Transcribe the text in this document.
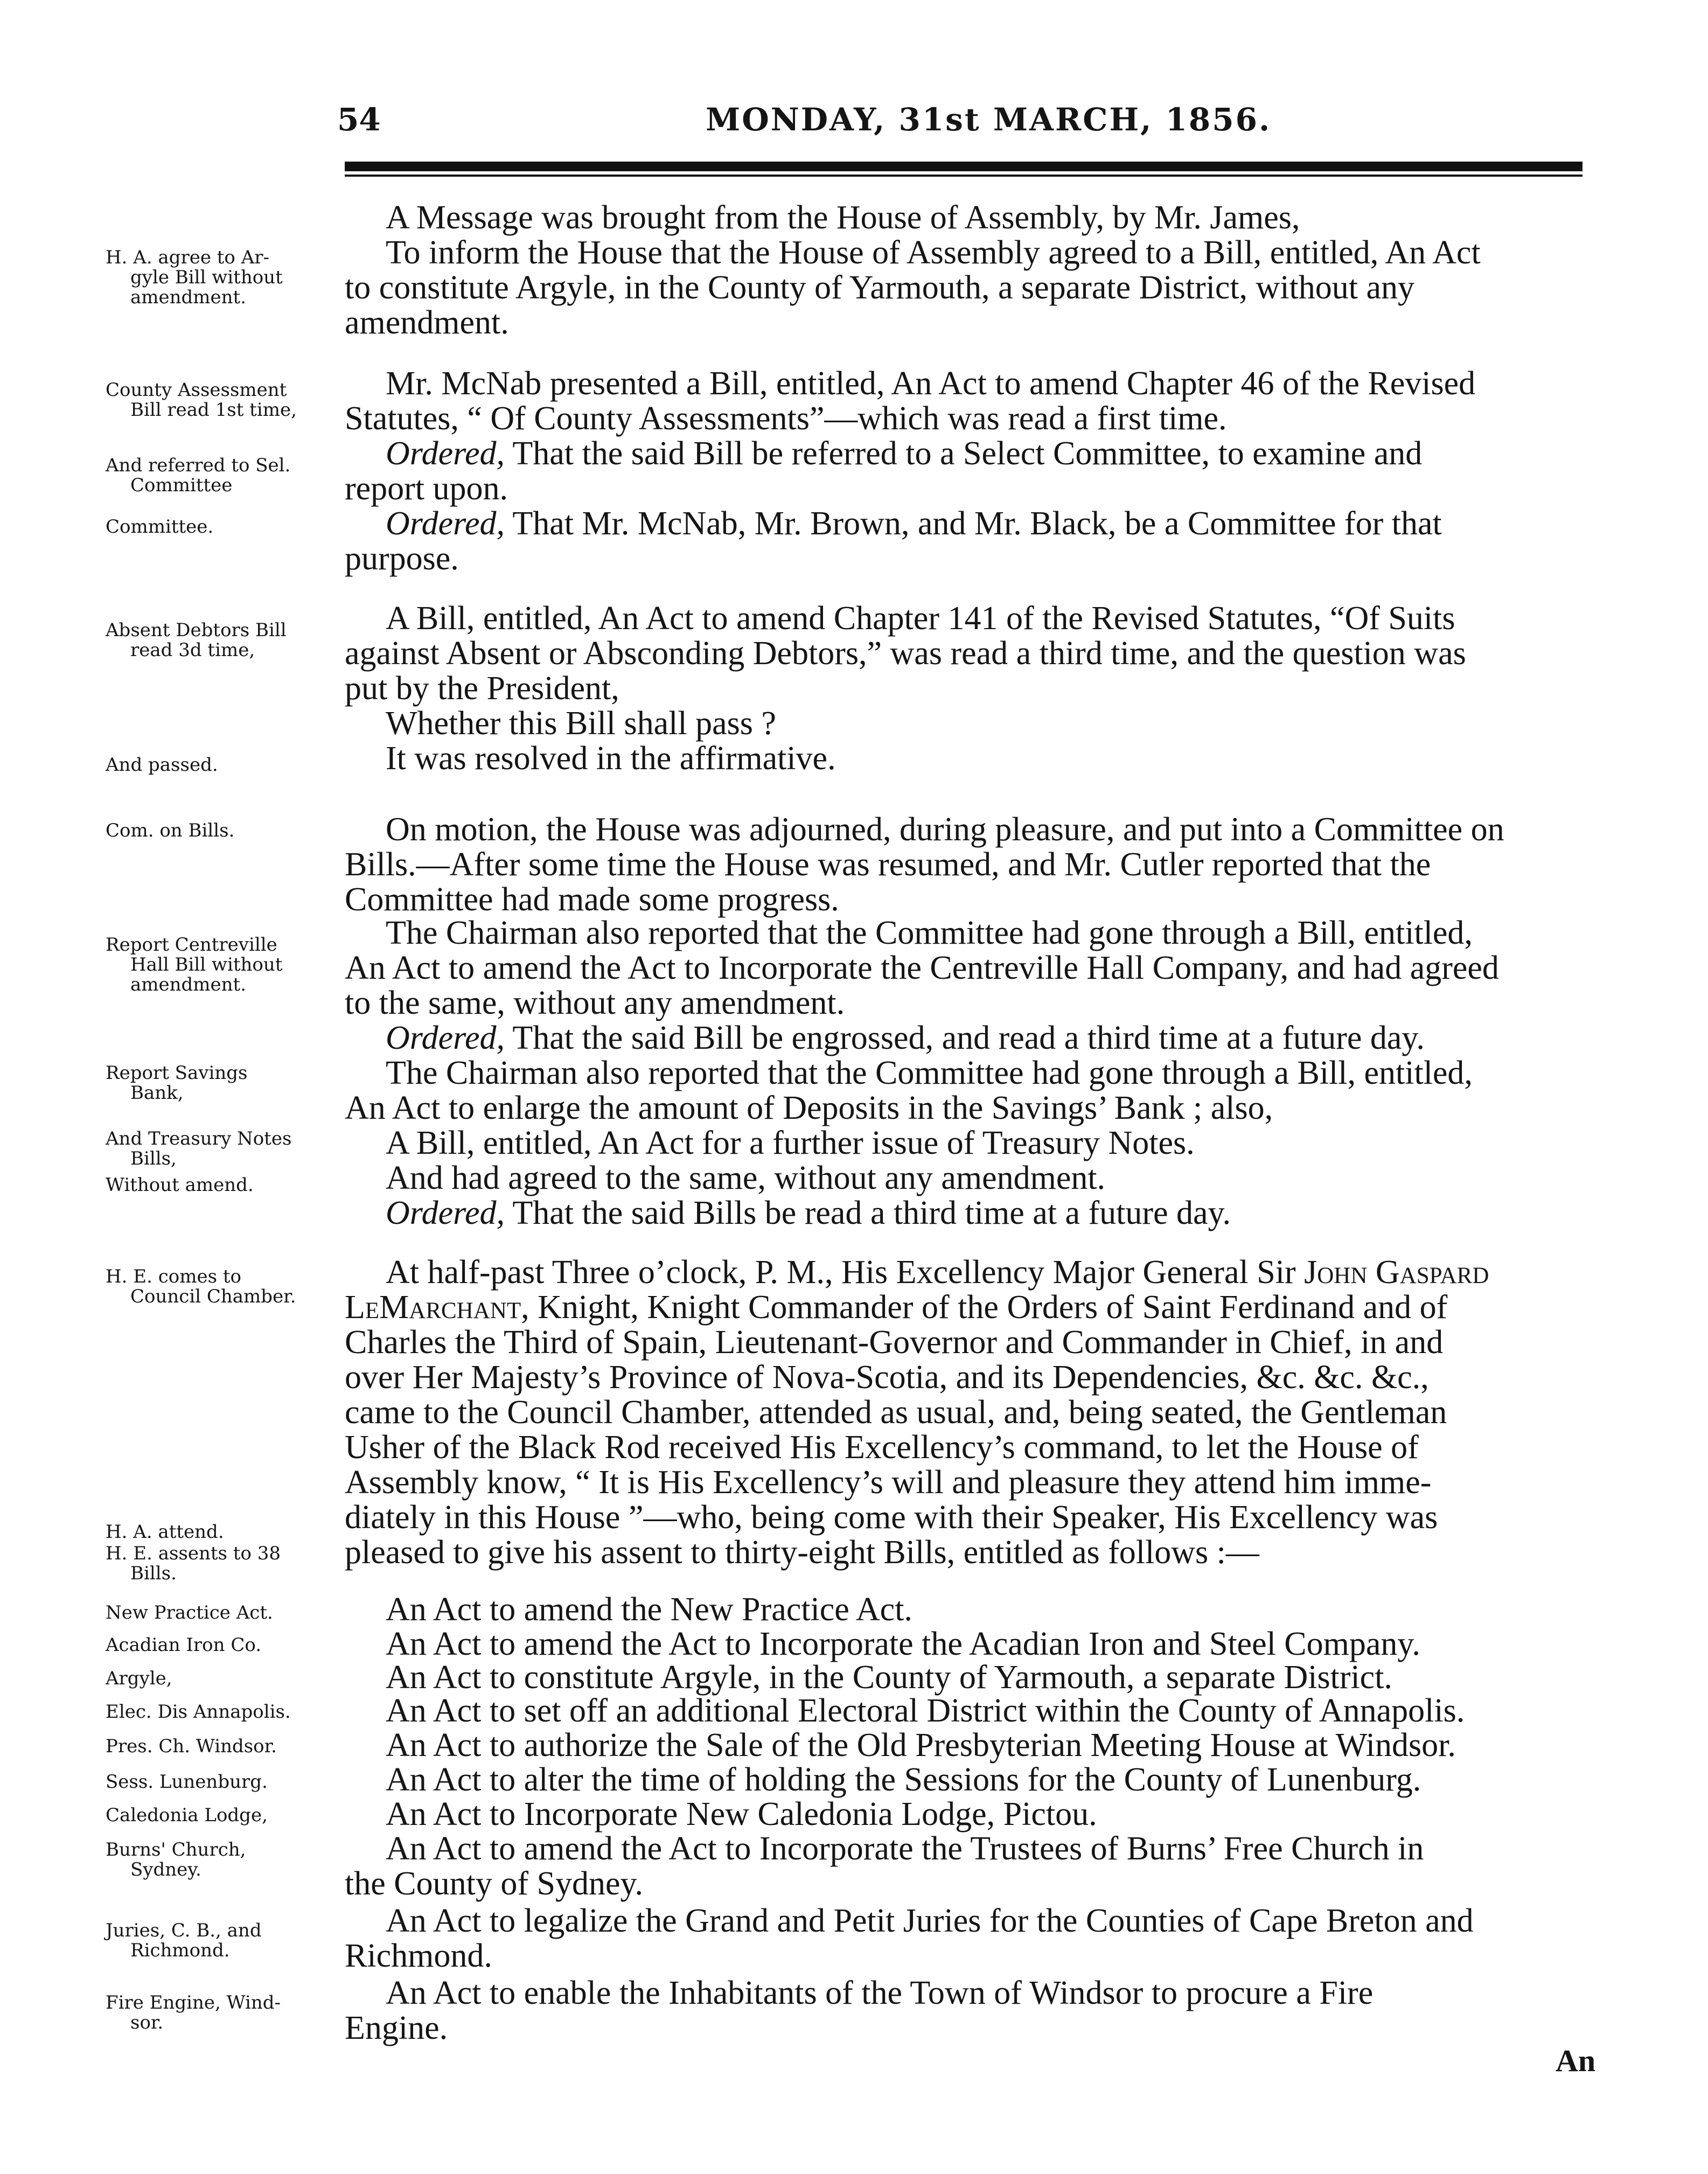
54	MONDAY, 31st MARCH, 1856.
H. A. agree to Ar-
gyle Bill without
amendment.
County Assessment
Bill read 1st time,
And referred to Sel.
Committee
Committee.
Absent Debtors Bill
read 3d time,
And passed.
Com. on Bills.
Report Centreville
Hall Bill without
amendment.
Report Savings
Bank,
And Treasury Notes
Bills,
Without amend.
H. E. comes to
Council Chamber.
H. A. attend.
H. E. assents to 38
Bills.
New Practice Act.
Acadian Iron Co.
Argyle,
Elec. Dis Annapolis.
Pres. Ch. Windsor.
Sess. Lunenburg.
Caledonia Lodge,
Burns' Church,
Sydney.
Juries, C. B., and
Richmond.
Fire Engine, Wind-
sor.
A Message was brought from the House of Assembly, by Mr. James,
To inform the House that the House of Assembly agreed to a Bill, entitled, An Act
to constitute Argyle, in the County of Yarmouth, a separate District, without any
amendment.
Mr. McNab presented a Bill, entitled, An Act to amend Chapter 46 of the Revised
Statutes, “ Of County Assessments”—which was read a first time.
Ordered, That the said Bill be referred to a Select Committee, to examine and
report upon.
Ordered, That Mr. McNab, Mr. Brown, and Mr. Black, be a Committee for that
purpose.
A Bill, entitled, An Act to amend Chapter 141 of the Revised Statutes, “Of Suits
against Absent or Absconding Debtors,” was read a third time, and the question was
put by the President,
Whether this Bill shall pass ?
It was resolved in the affirmative.
On motion, the House was adjourned, during pleasure, and put into a Committee on
Bills.—After some time the House was resumed, and Mr. Cutler reported that the
Committee had made some progress.
The Chairman also reported that the Committee had gone through a Bill, entitled,
An Act to amend the Act to Incorporate the Centreville Hall Company, and had agreed
to the same, without any amendment.
Ordered, That the said Bill be engrossed, and read a third time at a future day.
The Chairman also reported that the Committee had gone through a Bill, entitled,
An Act to enlarge the amount of Deposits in the Savings’ Bank ; also,
A Bill, entitled, An Act for a further issue of Treasury Notes.
And had agreed to the same, without any amendment.
Ordered, That the said Bills be read a third time at a future day.
At half-past Three o’clock, P. M., His Excellency Major General Sir John Gaspard
LeMarchant, Knight, Knight Commander of the Orders of Saint Ferdinand and of
Charles the Third of Spain, Lieutenant-Governor and Commander in Chief, in and
over Her Majesty’s Province of Nova-Scotia, and its Dependencies, &c. &c. &c.,
came to the Council Chamber, attended as usual, and, being seated, the Gentleman
Usher of the Black Rod received His Excellency’s command, to let the House of
Assembly know, “ It is His Excellency’s will and pleasure they attend him imme-
diately in this House ”—who, being come with their Speaker, His Excellency was
pleased to give his assent to thirty-eight Bills, entitled as follows :—
An Act to amend the New Practice Act.
An Act to amend the Act to Incorporate the Acadian Iron and Steel Company.
An Act to constitute Argyle, in the County of Yarmouth, a separate District.
An Act to set off an additional Electoral District within the County of Annapolis.
An Act to authorize the Sale of the Old Presbyterian Meeting House at Windsor.
An Act to alter the time of holding the Sessions for the County of Lunenburg.
An Act to Incorporate New Caledonia Lodge, Pictou.
An Act to amend the Act to Incorporate the Trustees of Burns’ Free Church in
the County of Sydney.
An Act to legalize the Grand and Petit Juries for the Counties of Cape Breton and
Richmond.
An Act to enable the Inhabitants of the Town of Windsor to procure a Fire
Engine.
An
